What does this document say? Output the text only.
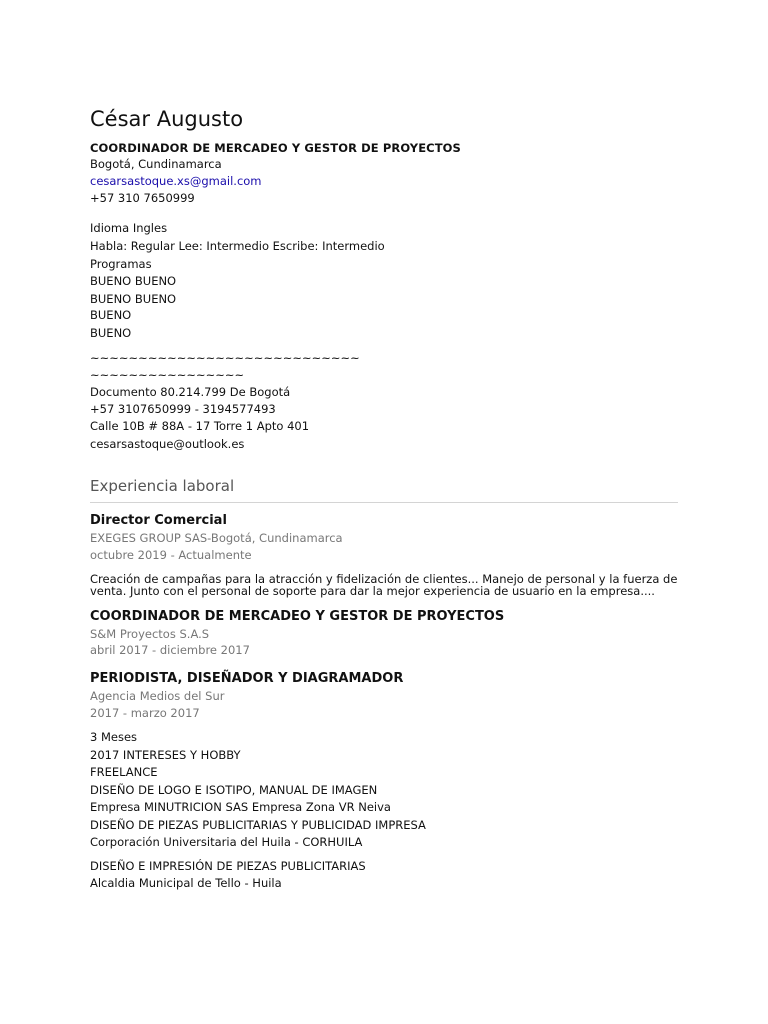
César Augusto
COORDINADOR DE MERCADEO Y GESTOR DE PROYECTOS
Bogotá, Cundinamarca
cesarsastoque.xs@gmail.com
+57 310 7650999
Idioma Ingles
Habla: Regular Lee: Intermedio Escribe: Intermedio
Programas
BUENO BUENO
BUENO BUENO
BUENO
BUENO
~~~~~~~~~~~~~~~~~~~~~~~~~~~~
~~~~~~~~~~~~~~~~
Documento 80.214.799 De Bogotá
+57 3107650999 - 3194577493
Calle 10B # 88A - 17 Torre 1 Apto 401
cesarsastoque@outlook.es
Experiencia laboral
Director Comercial
EXEGES GROUP SAS-Bogotá, Cundinamarca
octubre 2019 - Actualmente
Creación de campañas para la atracción y fidelización de clientes... Manejo de personal y la fuerza de venta. Junto con el personal de soporte para dar la mejor experiencia de usuario en la empresa....
COORDINADOR DE MERCADEO Y GESTOR DE PROYECTOS
S&M Proyectos S.A.S
abril 2017 - diciembre 2017
PERIODISTA, DISEÑADOR Y DIAGRAMADOR
Agencia Medios del Sur
2017 - marzo 2017
3 Meses
2017 INTERESES Y HOBBY
FREELANCE
DISEÑO DE LOGO E ISOTIPO, MANUAL DE IMAGEN
Empresa MINUTRICION SAS Empresa Zona VR Neiva
DISEÑO DE PIEZAS PUBLICITARIAS Y PUBLICIDAD IMPRESA
Corporación Universitaria del Huila - CORHUILA
DISEÑO E IMPRESIÓN DE PIEZAS PUBLICITARIAS
Alcaldia Municipal de Tello - Huila
